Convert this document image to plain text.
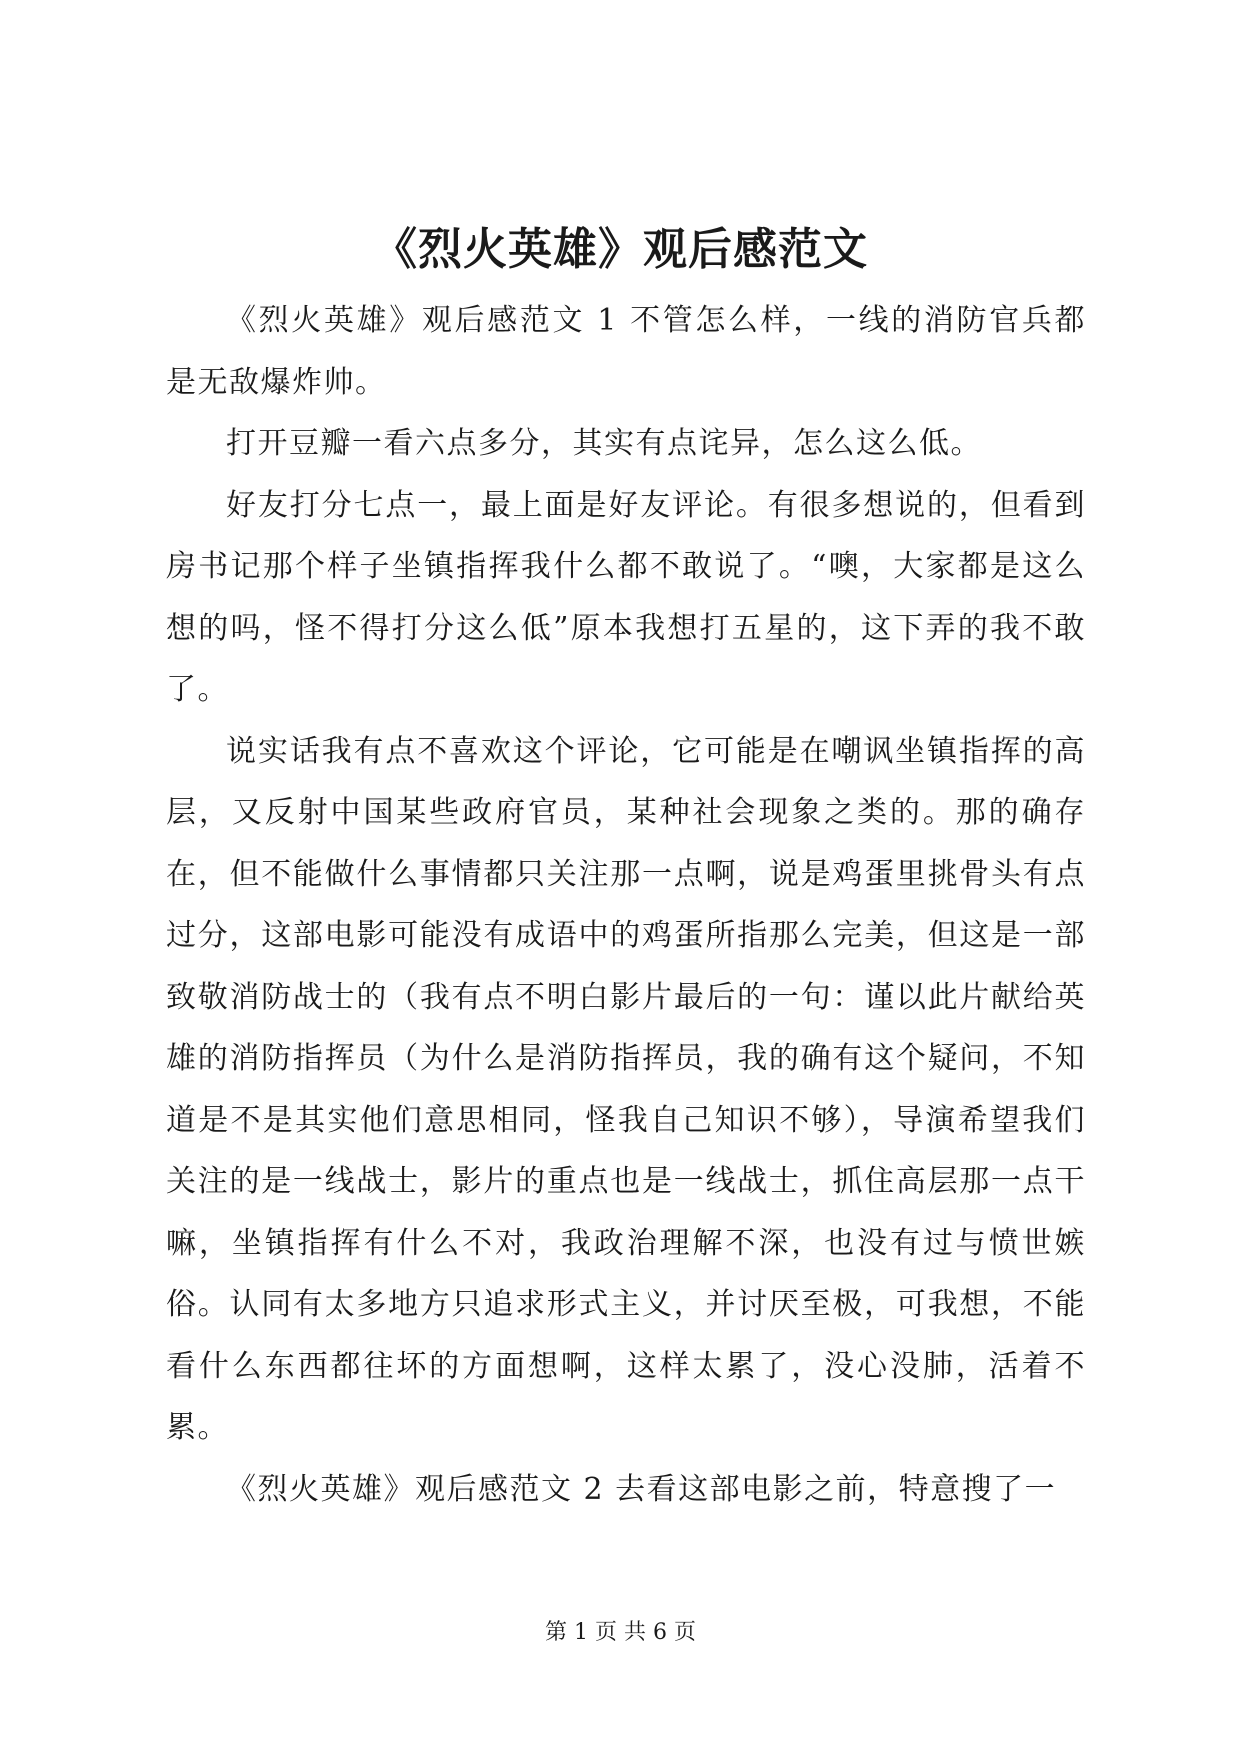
《烈火英雄》观后感范文

《烈火英雄》观后感范文 1 不管怎么样，一线的消防官兵都是无敌爆炸帅。

打开豆瓣一看六点多分，其实有点诧异，怎么这么低。

好友打分七点一，最上面是好友评论。有很多想说的，但看到房书记那个样子坐镇指挥我什么都不敢说了。“噢，大家都是这么想的吗，怪不得打分这么低”原本我想打五星的，这下弄的我不敢了。

说实话我有点不喜欢这个评论，它可能是在嘲讽坐镇指挥的高层，又反射中国某些政府官员，某种社会现象之类的。那的确存在，但不能做什么事情都只关注那一点啊，说是鸡蛋里挑骨头有点过分，这部电影可能没有成语中的鸡蛋所指那么完美，但这是一部致敬消防战士的（我有点不明白影片最后的一句：谨以此片献给英雄的消防指挥员（为什么是消防指挥员，我的确有这个疑问，不知道是不是其实他们意思相同，怪我自己知识不够），导演希望我们关注的是一线战士，影片的重点也是一线战士，抓住高层那一点干嘛，坐镇指挥有什么不对，我政治理解不深，也没有过与愤世嫉俗。认同有太多地方只追求形式主义，并讨厌至极，可我想，不能看什么东西都往坏的方面想啊，这样太累了，没心没肺，活着不累。

《烈火英雄》观后感范文 2 去看这部电影之前，特意搜了一

第 1 页 共 6 页
